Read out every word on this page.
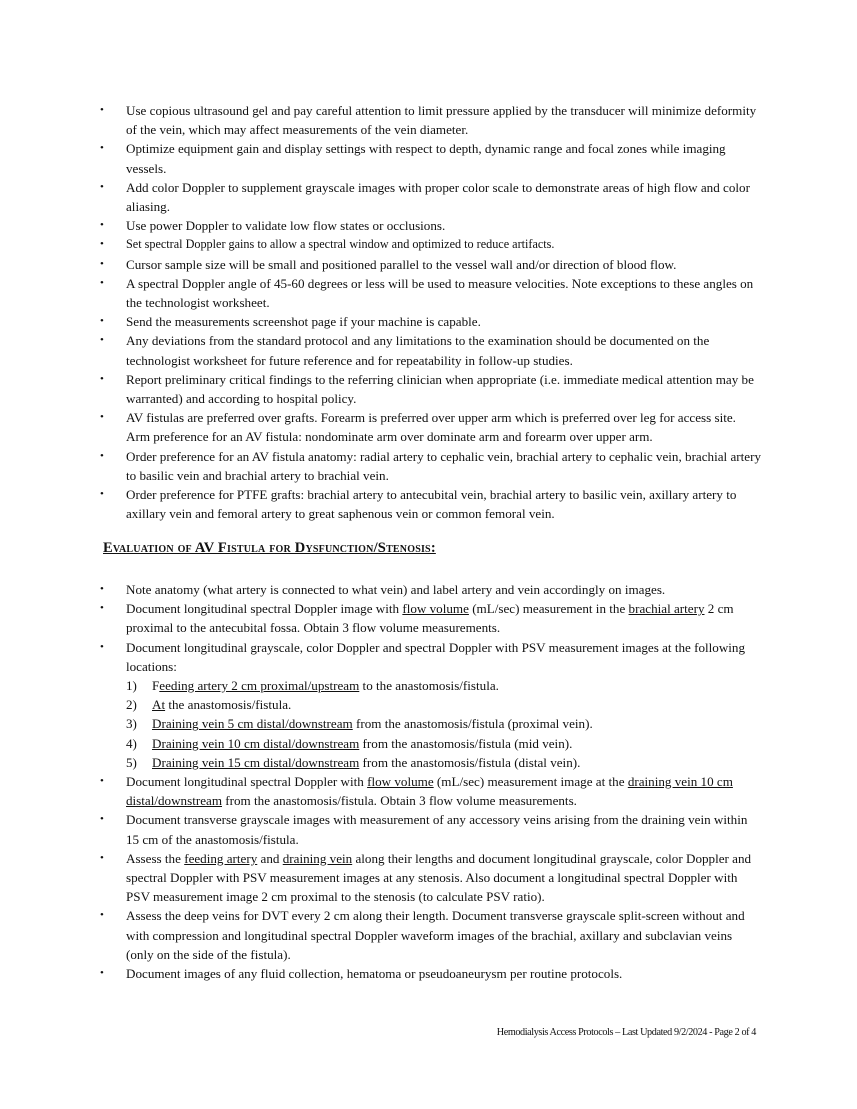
• Use copious ultrasound gel and pay careful attention to limit pressure applied by the transducer will minimize deformity of the vein, which may affect measurements of the vein diameter.
• Optimize equipment gain and display settings with respect to depth, dynamic range and focal zones while imaging vessels.
• Add color Doppler to supplement grayscale images with proper color scale to demonstrate areas of high flow and color aliasing.
• Use power Doppler to validate low flow states or occlusions.
• Set spectral Doppler gains to allow a spectral window and optimized to reduce artifacts.
• Cursor sample size will be small and positioned parallel to the vessel wall and/or direction of blood flow.
• A spectral Doppler angle of 45-60 degrees or less will be used to measure velocities. Note exceptions to these angles on the technologist worksheet.
• Send the measurements screenshot page if your machine is capable.
• Any deviations from the standard protocol and any limitations to the examination should be documented on the technologist worksheet for future reference and for repeatability in follow-up studies.
• Report preliminary critical findings to the referring clinician when appropriate (i.e. immediate medical attention may be warranted) and according to hospital policy.
• AV fistulas are preferred over grafts. Forearm is preferred over upper arm which is preferred over leg for access site. Arm preference for an AV fistula: nondominate arm over dominate arm and forearm over upper arm.
• Order preference for an AV fistula anatomy: radial artery to cephalic vein, brachial artery to cephalic vein, brachial artery to basilic vein and brachial artery to brachial vein.
• Order preference for PTFE grafts: brachial artery to antecubital vein, brachial artery to basilic vein, axillary artery to axillary vein and femoral artery to great saphenous vein or common femoral vein.
Evaluation of AV Fistula for Dysfunction/Stenosis:
• Note anatomy (what artery is connected to what vein) and label artery and vein accordingly on images.
• Document longitudinal spectral Doppler image with flow volume (mL/sec) measurement in the brachial artery 2 cm proximal to the antecubital fossa. Obtain 3 flow volume measurements.
• Document longitudinal grayscale, color Doppler and spectral Doppler with PSV measurement images at the following locations:
1) Feeding artery 2 cm proximal/upstream to the anastomosis/fistula.
2) At the anastomosis/fistula.
3) Draining vein 5 cm distal/downstream from the anastomosis/fistula (proximal vein).
4) Draining vein 10 cm distal/downstream from the anastomosis/fistula (mid vein).
5) Draining vein 15 cm distal/downstream from the anastomosis/fistula (distal vein).
• Document longitudinal spectral Doppler with flow volume (mL/sec) measurement image at the draining vein 10 cm distal/downstream from the anastomosis/fistula. Obtain 3 flow volume measurements.
• Document transverse grayscale images with measurement of any accessory veins arising from the draining vein within 15 cm of the anastomosis/fistula.
• Assess the feeding artery and draining vein along their lengths and document longitudinal grayscale, color Doppler and spectral Doppler with PSV measurement images at any stenosis. Also document a longitudinal spectral Doppler with PSV measurement image 2 cm proximal to the stenosis (to calculate PSV ratio).
• Assess the deep veins for DVT every 2 cm along their length. Document transverse grayscale split-screen without and with compression and longitudinal spectral Doppler waveform images of the brachial, axillary and subclavian veins (only on the side of the fistula).
• Document images of any fluid collection, hematoma or pseudoaneurysm per routine protocols.
Hemodialysis Access Protocols – Last Updated 9/2/2024 - Page 2 of 4
